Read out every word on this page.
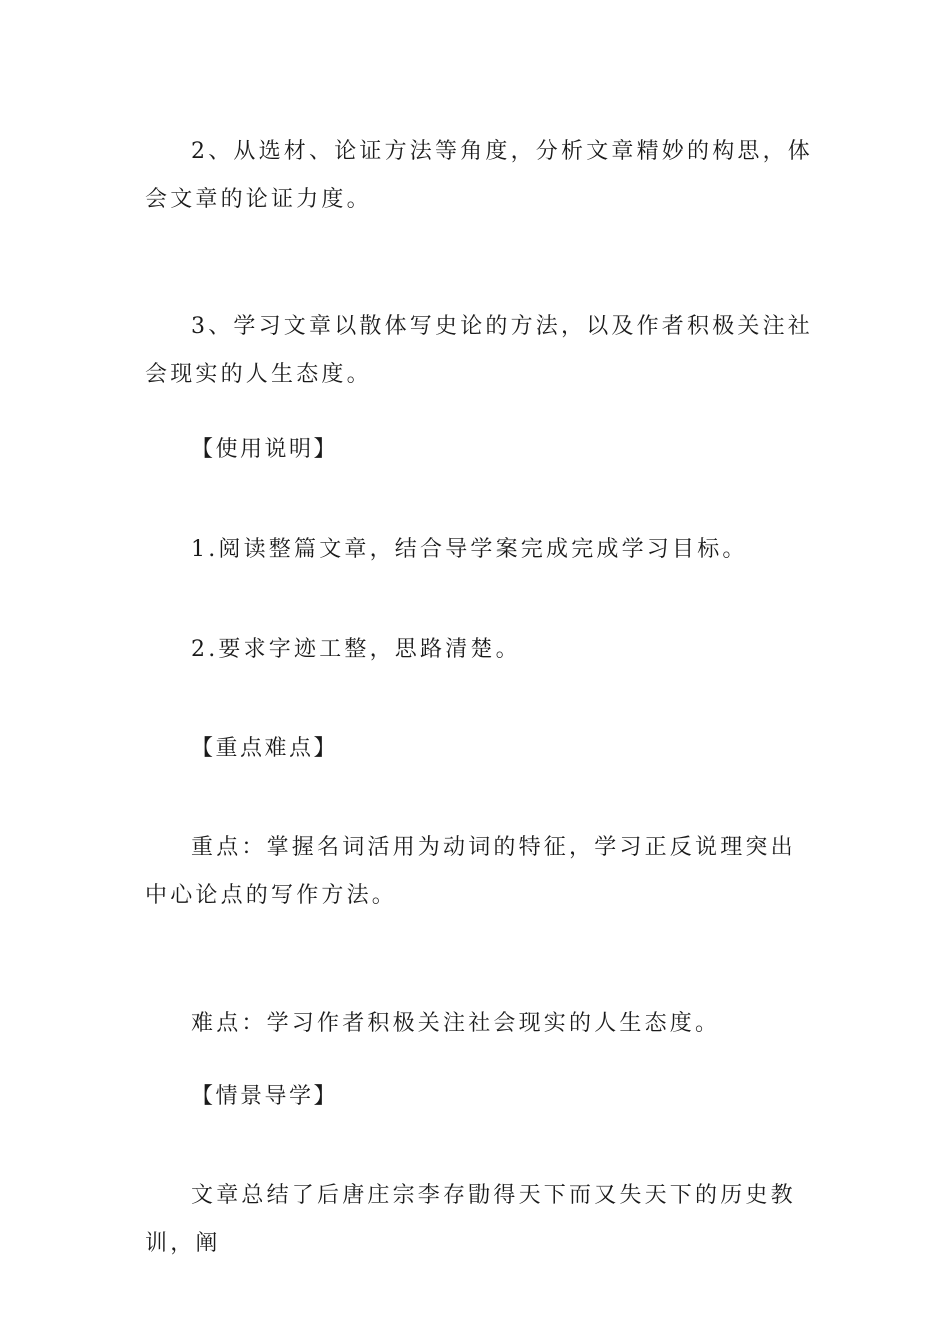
2、从选材、论证方法等角度，分析文章精妙的构思，体会文章的论证力度。

3、学习文章以散体写史论的方法，以及作者积极关注社会现实的人生态度。

【使用说明】

1.阅读整篇文章，结合导学案完成完成学习目标。

2.要求字迹工整，思路清楚。

【重点难点】

重点：掌握名词活用为动词的特征，学习正反说理突出中心论点的写作方法。

难点：学习作者积极关注社会现实的人生态度。

【情景导学】

文章总结了后唐庄宗李存勖得天下而又失天下的历史教训，阐
